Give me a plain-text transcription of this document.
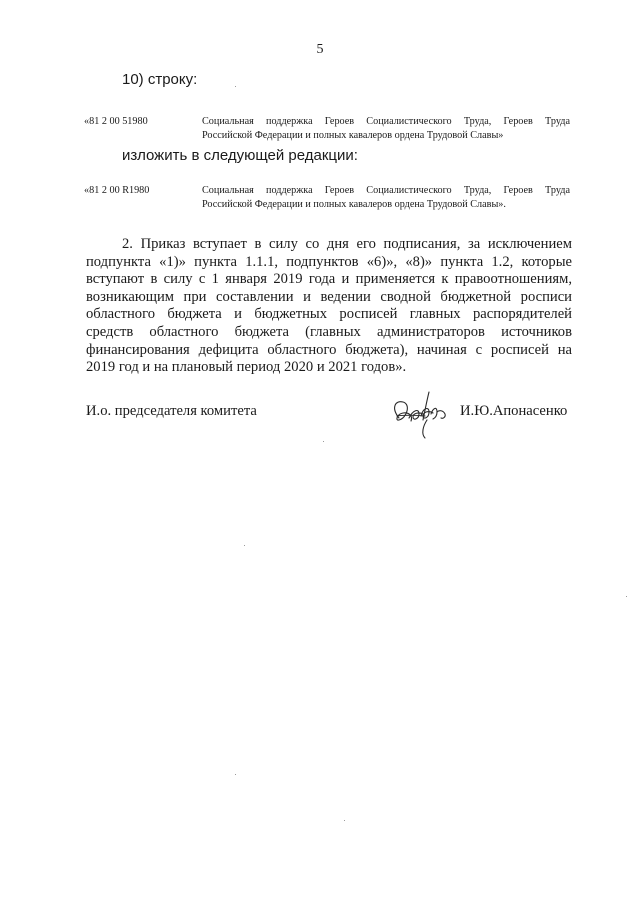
5
10) строку:
«81 2 00 51980	Социальная поддержка Героев Социалистического Труда, Героев Труда
Российской Федерации и полных кавалеров ордена Трудовой Славы»
изложить в следующей редакции:
«81 2 00 R1980	Социальная поддержка Героев Социалистического Труда, Героев Труда
Российской Федерации и полных кавалеров ордена Трудовой Славы».
2. Приказ вступает в силу со дня его подписания, за исключением
подпункта «1)» пункта 1.1.1, подпунктов «6)», «8)» пункта 1.2, которые
вступают в силу с 1 января 2019 года и применяется к правоотношениям,
возникающим при составлении и ведении сводной бюджетной росписи
областного бюджета и бюджетных росписей главных распорядителей
средств областного бюджета (главных администраторов источников
финансирования дефицита областного бюджета), начиная с росписей на
2019 год и на плановый период 2020 и 2021 годов».
И.о. председателя комитета	И.Ю.Апонасенко
